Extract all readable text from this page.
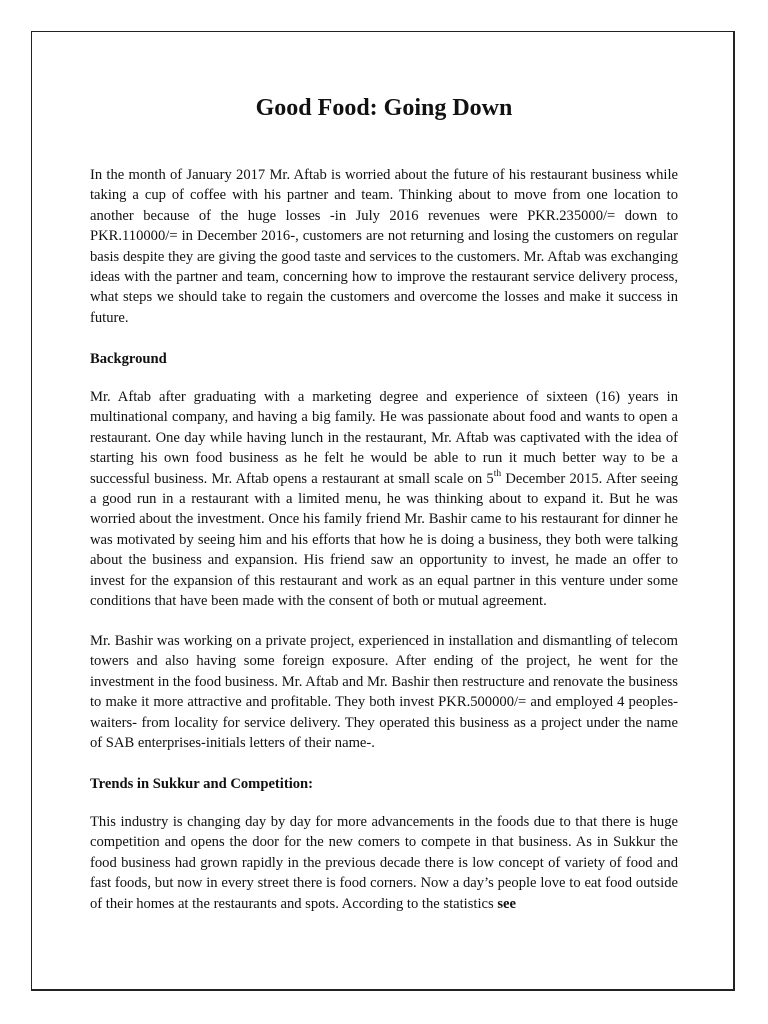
Good Food: Going Down

In the month of January 2017 Mr. Aftab is worried about the future of his restaurant business while taking a cup of coffee with his partner and team. Thinking about to move from one location to another because of the huge losses -in July 2016 revenues were PKR.235000/= down to PKR.110000/= in December 2016-, customers are not returning and losing the customers on regular basis despite they are giving the good taste and services to the customers. Mr. Aftab was exchanging ideas with the partner and team, concerning how to improve the restaurant service delivery process, what steps we should take to regain the customers and overcome the losses and make it success in future.

Background

Mr. Aftab after graduating with a marketing degree and experience of sixteen (16) years in multinational company, and having a big family. He was passionate about food and wants to open a restaurant. One day while having lunch in the restaurant, Mr. Aftab was captivated with the idea of starting his own food business as he felt he would be able to run it much better way to be a successful business. Mr. Aftab opens a restaurant at small scale on 5th December 2015. After seeing a good run in a restaurant with a limited menu, he was thinking about to expand it. But he was worried about the investment. Once his family friend Mr. Bashir came to his restaurant for dinner he was motivated by seeing him and his efforts that how he is doing a business, they both were talking about the business and expansion. His friend saw an opportunity to invest, he made an offer to invest for the expansion of this restaurant and work as an equal partner in this venture under some conditions that have been made with the consent of both or mutual agreement.

Mr. Bashir was working on a private project, experienced in installation and dismantling of telecom towers and also having some foreign exposure. After ending of the project, he went for the investment in the food business. Mr. Aftab and Mr. Bashir then restructure and renovate the business to make it more attractive and profitable. They both invest PKR.500000/= and employed 4 peoples-waiters- from locality for service delivery. They operated this business as a project under the name of SAB enterprises-initials letters of their name-.

Trends in Sukkur and Competition:

This industry is changing day by day for more advancements in the foods due to that there is huge competition and opens the door for the new comers to compete in that business. As in Sukkur the food business had grown rapidly in the previous decade there is low concept of variety of food and fast foods, but now in every street there is food corners. Now a day’s people love to eat food outside of their homes at the restaurants and spots. According to the statistics see
